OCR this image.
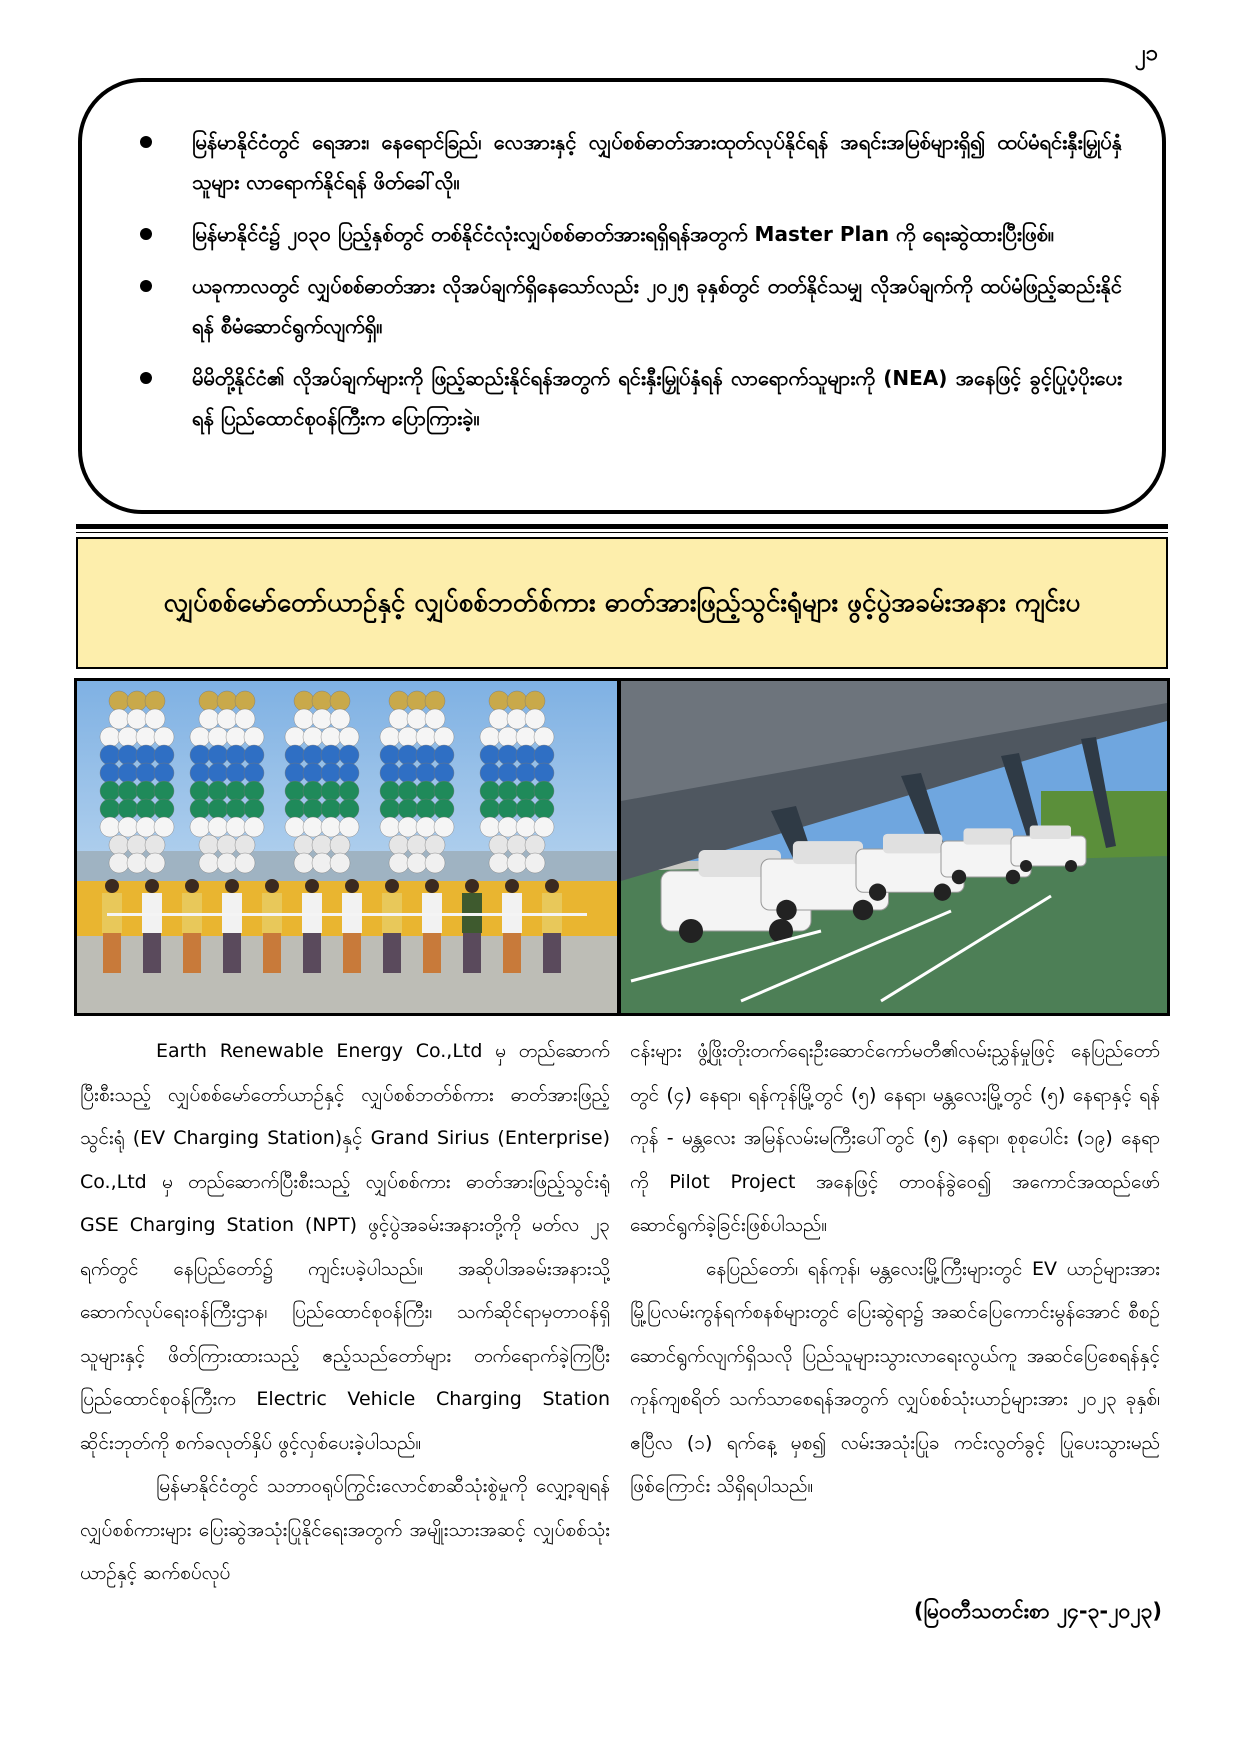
၂၁
မြန်မာနိုင်ငံတွင် ရေအား၊ နေရောင်ခြည်၊ လေအားနှင့် လျှပ်စစ်ဓာတ်အားထုတ်လုပ်နိုင်ရန် အရင်းအမြစ်များရှိ၍ ထပ်မံရင်းနှီးမြှုပ်နှံသူများ လာရောက်နိုင်ရန် ဖိတ်ခေါ်လို။
မြန်မာနိုင်ငံ၌ ၂၀၃၀ ပြည့်နှစ်တွင် တစ်နိုင်ငံလုံးလျှပ်စစ်ဓာတ်အားရရှိရန်အတွက် Master Plan ကို ရေးဆွဲထားပြီးဖြစ်။
ယခုကာလတွင် လျှပ်စစ်ဓာတ်အား လိုအပ်ချက်ရှိနေသော်လည်း ၂၀၂၅ ခုနှစ်တွင် တတ်နိုင်သမျှ လိုအပ်ချက်ကို ထပ်မံဖြည့်ဆည်းနိုင်ရန် စီမံဆောင်ရွက်လျက်ရှိ။
မိမိတို့နိုင်ငံ၏ လိုအပ်ချက်များကို ဖြည့်ဆည်းနိုင်ရန်အတွက် ရင်းနှီးမြှုပ်နှံရန် လာရောက်သူများကို (NEA) အနေဖြင့် ခွင့်ပြုပံ့ပိုးပေးရန် ပြည်ထောင်စုဝန်ကြီးက ပြောကြားခဲ့။
လျှပ်စစ်မော်တော်ယာဉ်နှင့် လျှပ်စစ်ဘတ်စ်ကား ဓာတ်အားဖြည့်သွင်းရုံများ ဖွင့်ပွဲအခမ်းအနား ကျင်းပ

Earth Renewable Energy Co.,Ltd မှ တည်ဆောက်ပြီးစီးသည့် လျှပ်စစ်မော်တော်ယာဉ်နှင့် လျှပ်စစ်ဘတ်စ်ကား ဓာတ်အားဖြည့်သွင်းရုံ (EV Charging Station)နှင့် Grand Sirius (Enterprise) Co.,Ltd မှ တည်ဆောက်ပြီးစီးသည့် လျှပ်စစ်ကား ဓာတ်အားဖြည့်သွင်းရုံ GSE Charging Station (NPT) ဖွင့်ပွဲအခမ်းအနားတို့ကို မတ်လ ၂၃ ရက်တွင် နေပြည်တော်၌ ကျင်းပခဲ့ပါသည်။ အဆိုပါအခမ်းအနားသို့ ဆောက်လုပ်ရေးဝန်ကြီးဌာန၊ ပြည်ထောင်စုဝန်ကြီး၊ သက်ဆိုင်ရာမှတာဝန်ရှိသူများနှင့် ဖိတ်ကြားထားသည့် ဧည့်သည်တော်များ တက်ရောက်ခဲ့ကြပြီး ပြည်ထောင်စုဝန်ကြီးက Electric Vehicle Charging Station ဆိုင်းဘုတ်ကို စက်ခလုတ်နှိပ် ဖွင့်လှစ်ပေးခဲ့ပါသည်။

မြန်မာနိုင်ငံတွင် သဘာဝရုပ်ကြွင်းလောင်စာဆီသုံးစွဲမှုကို လျှော့ချရန် လျှပ်စစ်ကားများ ပြေးဆွဲအသုံးပြုနိုင်ရေးအတွက် အမျိုးသားအဆင့် လျှပ်စစ်သုံးယာဉ်နှင့် ဆက်စပ်လုပ်

ငန်းများ ဖွံ့ဖြိုးတိုးတက်ရေးဦးဆောင်ကော်မတီ၏လမ်းညွှန်မှုဖြင့် နေပြည်တော်တွင် (၄) နေရာ၊ ရန်ကုန်မြို့တွင် (၅) နေရာ၊ မန္တလေးမြို့တွင် (၅) နေရာနှင့် ရန်ကုန် - မန္တလေး အမြန်လမ်းမကြီးပေါ်တွင် (၅) နေရာ၊ စုစုပေါင်း (၁၉) နေရာကို Pilot Project အနေဖြင့် တာဝန်ခွဲဝေ၍ အကောင်အထည်ဖော်ဆောင်ရွက်ခဲ့ခြင်းဖြစ်ပါသည်။

နေပြည်တော်၊ ရန်ကုန်၊ မန္တလေးမြို့ကြီးများတွင် EV ယာဉ်များအား မြို့ပြလမ်းကွန်ရက်စနစ်များတွင် ပြေးဆွဲရာ၌ အဆင်ပြေကောင်းမွန်အောင် စီစဉ်ဆောင်ရွက်လျက်ရှိသလို ပြည်သူများသွားလာရေးလွယ်ကူ အဆင်ပြေစေရန်နှင့် ကုန်ကျစရိတ် သက်သာစေရန်အတွက် လျှပ်စစ်သုံးယာဉ်များအား ၂၀၂၃ ခုနှစ်၊ ဧပြီလ (၁) ရက်နေ့ မှစ၍ လမ်းအသုံးပြုခ ကင်းလွတ်ခွင့် ပြုပေးသွားမည်ဖြစ်ကြောင်း သိရှိရပါသည်။

(မြဝတီသတင်းစာ ၂၄-၃-၂၀၂၃)
